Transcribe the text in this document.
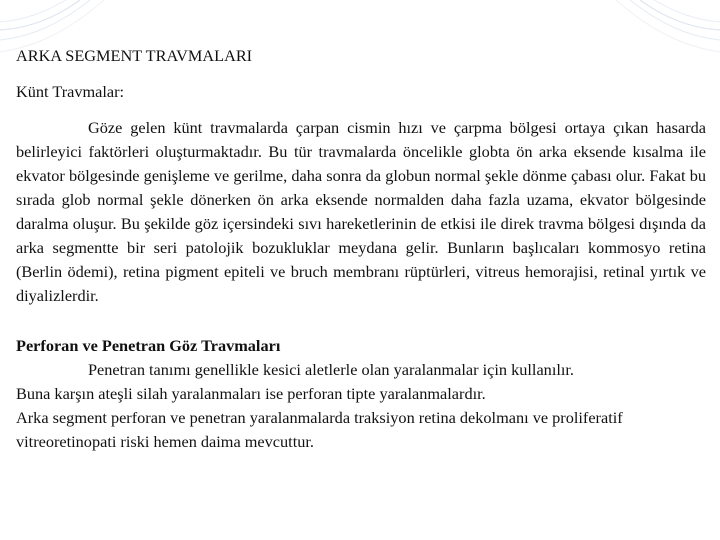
ARKA SEGMENT TRAVMALARI
Künt Travmalar:
Göze gelen künt travmalarda çarpan cismin hızı ve çarpma bölgesi ortaya çıkan hasarda belirleyici faktörleri oluşturmaktadır. Bu tür travmalarda öncelikle globta ön arka eksende kısalma ile ekvator bölgesinde genişleme ve gerilme, daha sonra da globun normal şekle dönme çabası olur. Fakat bu sırada glob normal şekle dönerken ön arka eksende normalden daha fazla uzama, ekvator bölgesinde daralma oluşur. Bu şekilde göz içersindeki sıvı hareketlerinin de etkisi ile direk travma bölgesi dışında da arka segmentte bir seri patolojik bozukluklar meydana gelir. Bunların başlıcaları kommosyo retina (Berlin ödemi), retina pigment epiteli ve bruch membranı rüptürleri, vitreus hemorajisi, retinal yırtık ve diyalizlerdir.
Perforan ve Penetran Göz Travmaları
Penetran tanımı genellikle kesici aletlerle olan yaralanmalar için kullanılır.
Buna karşın ateşli silah yaralanmaları ise perforan tipte yaralanmalardır.
Arka segment perforan ve penetran yaralanmalarda traksiyon retina dekolmanı ve proliferatif vitreoretinopati riski hemen daima mevcuttur.
